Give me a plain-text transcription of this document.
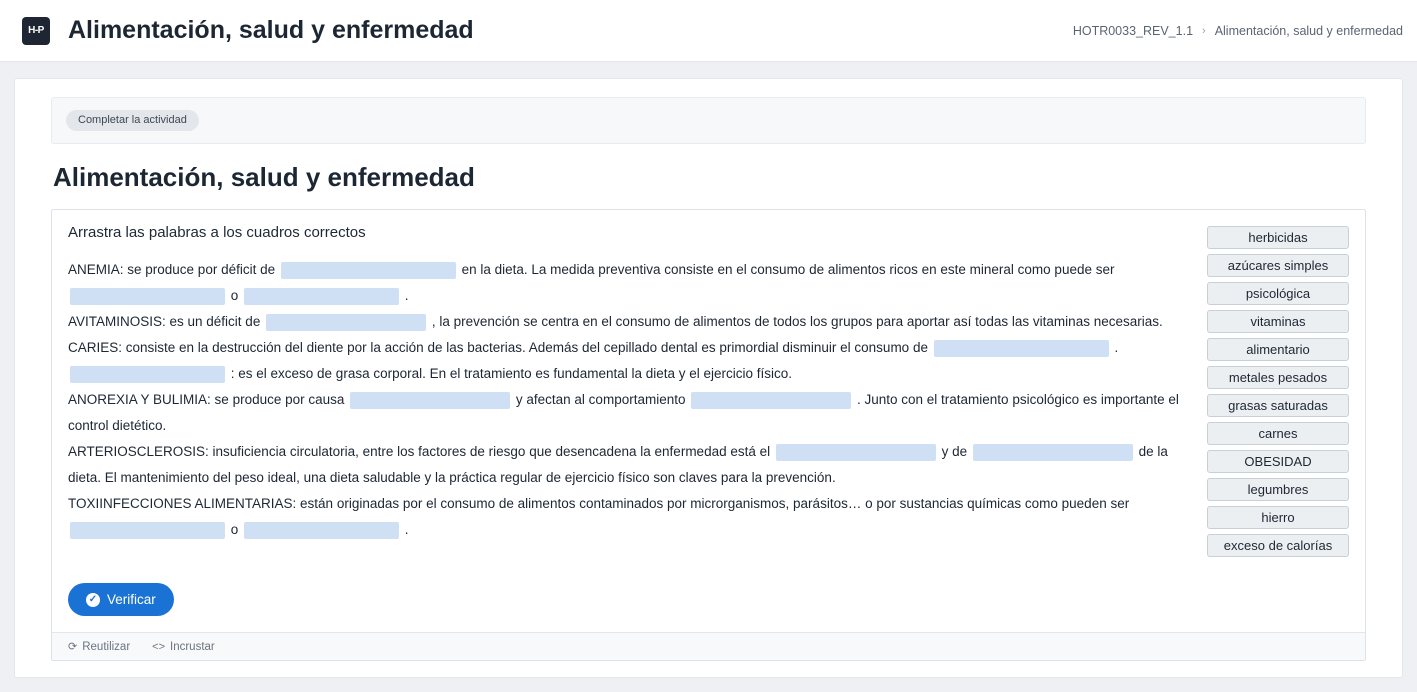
H-P Alimentación, salud y enfermedad	HOTR0033_REV_1.1 › Alimentación, salud y enfermedad
Completar la actividad
Alimentación, salud y enfermedad
Arrastra las palabras a los cuadros correctos

ANEMIA: se produce por déficit de	en la dieta. La medida preventiva consiste en el consumo de alimentos ricos en este mineral como puede ser  o	.

AVITAMINOSIS: es un déficit de	, la prevención se centra en el consumo de alimentos de todos los grupos para aportar así todas las vitaminas necesarias.

CARIES: consiste en la destrucción del diente por la acción de las bacterias. Además del cepillado dental es primordial disminuir el consumo de	.

: es el exceso de grasa corporal. En el tratamiento es fundamental la dieta y el ejercicio físico.

ANOREXIA Y BULIMIA: se produce por causa	y afectan al comportamiento	. Junto con el tratamiento psicológico es importante el control dietético.

ARTERIOSCLEROSIS: insuficiencia circulatoria, entre los factores de riesgo que desencadena la enfermedad está el	y de	de la dieta. El mantenimiento del peso ideal, una dieta saludable y la práctica regular de ejercicio físico son claves para la prevención.

TOXIINFECCIONES ALIMENTARIAS: están originadas por el consumo de alimentos contaminados por microrganismos, parásitos… o por sustancias químicas como pueden ser  o	.

herbicidas
azúcares simples
psicológica
vitaminas
alimentario
metales pesados
grasas saturadas
carnes
OBESIDAD
legumbres
hierro
exceso de calorías
✓ Verificar
⟳ Reutilizar <> Incrustar
